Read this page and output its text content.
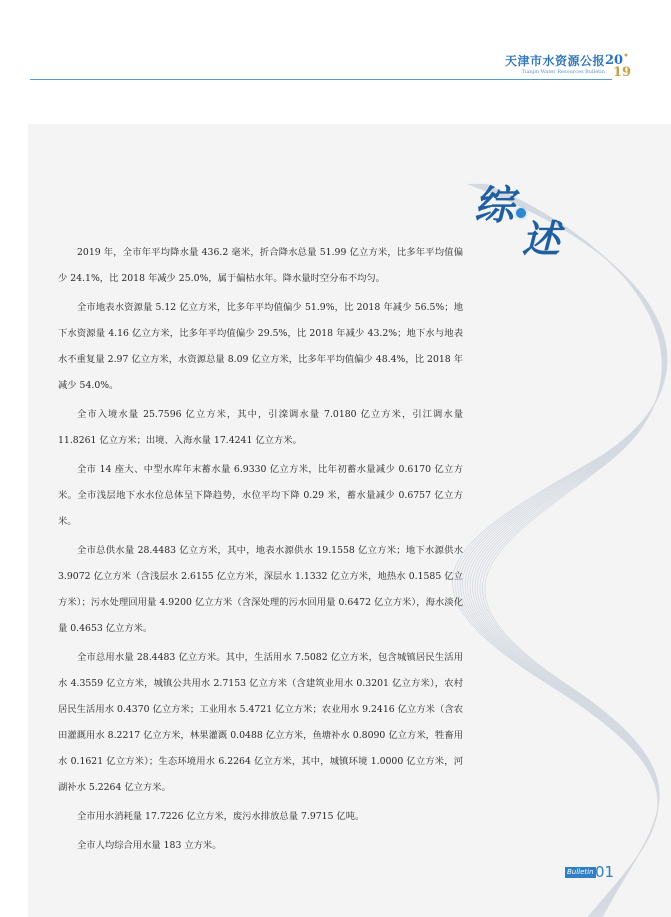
天津市水资源公报
Tianjin Water Resources Bulletin
20
19
综
述

2019 年，全市年平均降水量 436.2 毫米，折合降水总量 51.99 亿立方米，比多年平均值偏少 24.1%，比 2018 年减少 25.0%，属于偏枯水年。降水量时空分布不均匀。

全市地表水资源量 5.12 亿立方米，比多年平均值偏少 51.9%，比 2018 年减少 56.5%；地下水资源量 4.16 亿立方米，比多年平均值偏少 29.5%，比 2018 年减少 43.2%；地下水与地表水不重复量 2.97 亿立方米，水资源总量 8.09 亿立方米，比多年平均值偏少 48.4%，比 2018 年减少 54.0%。

全市入境水量 25.7596 亿立方米，其中，引滦调水量 7.0180 亿立方米，引江调水量 11.8261 亿立方米；出境、入海水量 17.4241 亿立方米。

全市 14 座大、中型水库年末蓄水量 6.9330 亿立方米，比年初蓄水量减少 0.6170 亿立方米。全市浅层地下水水位总体呈下降趋势，水位平均下降 0.29 米，蓄水量减少 0.6757 亿立方米。

全市总供水量 28.4483 亿立方米，其中，地表水源供水 19.1558 亿立方米；地下水源供水 3.9072 亿立方米（含浅层水 2.6155 亿立方米，深层水 1.1332 亿立方米，地热水 0.1585 亿立方米）；污水处理回用量 4.9200 亿立方米（含深处理的污水回用量 0.6472 亿立方米），海水淡化量 0.4653 亿立方米。

全市总用水量 28.4483 亿立方米。其中，生活用水 7.5082 亿立方米，包含城镇居民生活用水 4.3559 亿立方米，城镇公共用水 2.7153 亿立方米（含建筑业用水 0.3201 亿立方米），农村居民生活用水 0.4370 亿立方米；工业用水 5.4721 亿立方米；农业用水 9.2416 亿立方米（含农田灌溉用水 8.2217 亿立方米，林果灌溉 0.0488 亿立方米，鱼塘补水 0.8090 亿立方米，牲畜用水 0.1621 亿立方米）；生态环境用水 6.2264 亿立方米，其中，城镇环境 1.0000 亿立方米，河湖补水 5.2264 亿立方米。

全市用水消耗量 17.7226 亿立方米，废污水排放总量 7.9715 亿吨。

全市人均综合用水量 183 立方米。

Bulletin 01
